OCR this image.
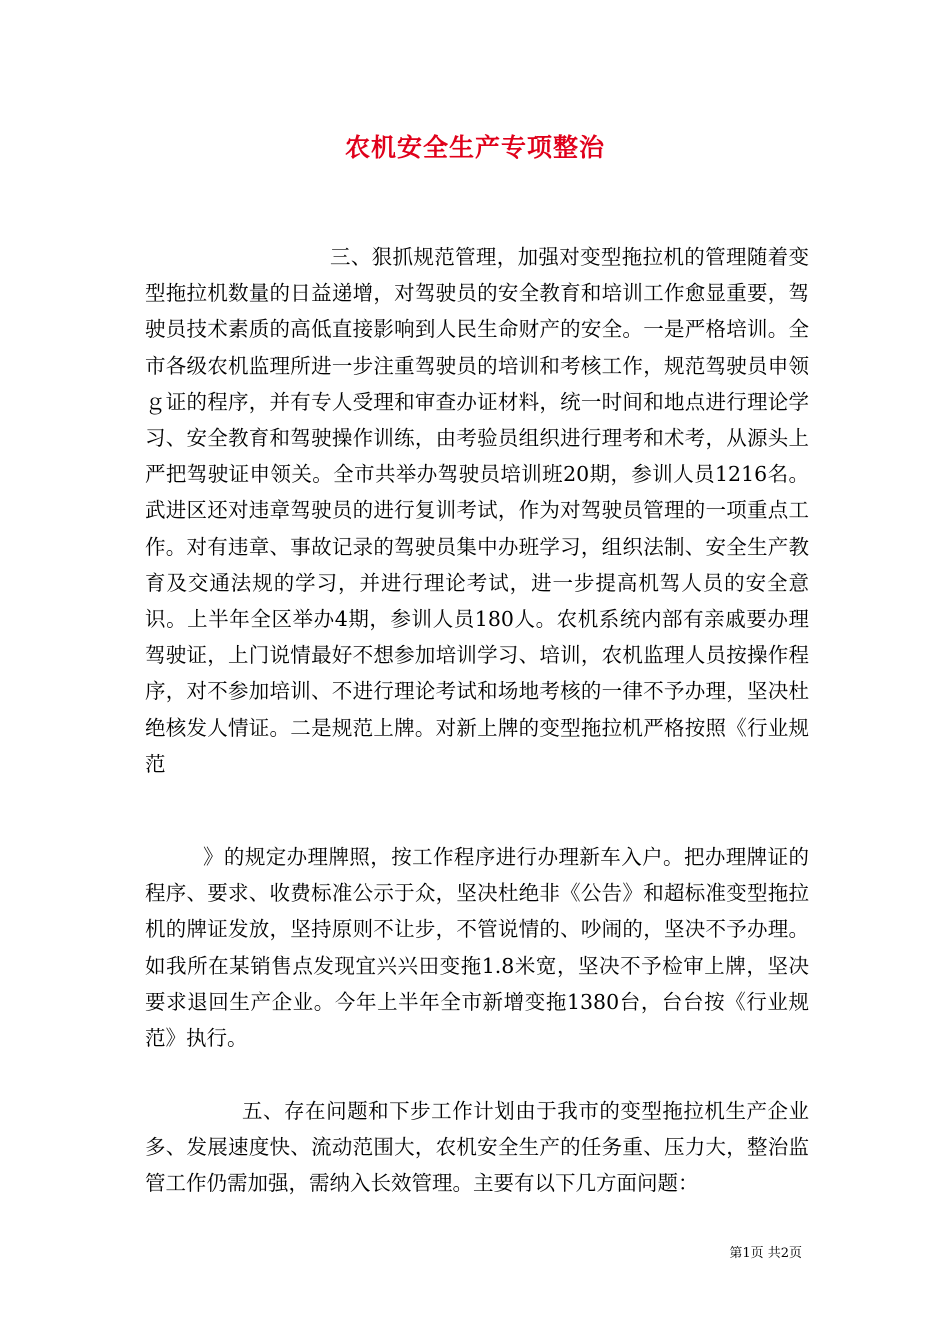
农机安全生产专项整治

三、狠抓规范管理，加强对变型拖拉机的管理随着变型拖拉机数量的日益递增，对驾驶员的安全教育和培训工作愈显重要，驾驶员技术素质的高低直接影响到人民生命财产的安全。一是严格培训。全市各级农机监理所进一步注重驾驶员的培训和考核工作，规范驾驶员申领ｇ证的程序，并有专人受理和审查办证材料，统一时间和地点进行理论学习、安全教育和驾驶操作训练，由考验员组织进行理考和术考，从源头上严把驾驶证申领关。全市共举办驾驶员培训班20期，参训人员1216名。武进区还对违章驾驶员的进行复训考试，作为对驾驶员管理的一项重点工作。对有违章、事故记录的驾驶员集中办班学习，组织法制、安全生产教育及交通法规的学习，并进行理论考试，进一步提高机驾人员的安全意识。上半年全区举办4期，参训人员180人。农机系统内部有亲戚要办理驾驶证，上门说情最好不想参加培训学习、培训，农机监理人员按操作程序，对不参加培训、不进行理论考试和场地考核的一律不予办理，坚决杜绝核发人情证。二是规范上牌。对新上牌的变型拖拉机严格按照《行业规范

》的规定办理牌照，按工作程序进行办理新车入户。把办理牌证的程序、要求、收费标准公示于众，坚决杜绝非《公告》和超标准变型拖拉机的牌证发放，坚持原则不让步，不管说情的、吵闹的，坚决不予办理。如我所在某销售点发现宜兴兴田变拖1.8米宽，坚决不予检审上牌，坚决要求退回生产企业。今年上半年全市新增变拖1380台，台台按《行业规范》执行。

五、存在问题和下步工作计划由于我市的变型拖拉机生产企业多、发展速度快、流动范围大，农机安全生产的任务重、压力大，整治监管工作仍需加强，需纳入长效管理。主要有以下几方面问题：

第1页 共2页
